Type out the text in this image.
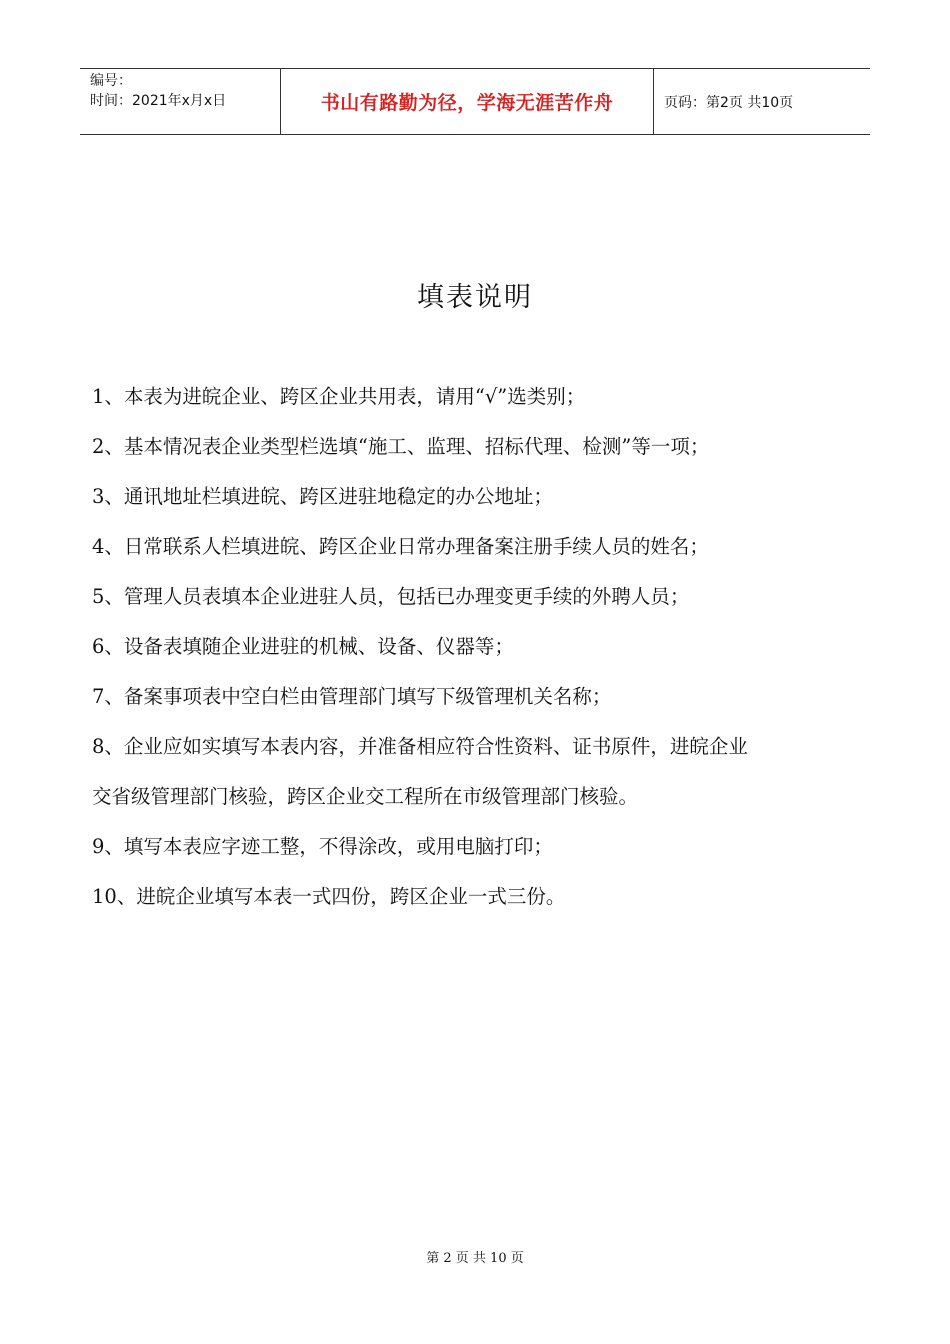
编号：
时间：2021年x月x日	书山有路勤为径，学海无涯苦作舟	页码：第2页 共10页
填表说明
1、本表为进皖企业、跨区企业共用表，请用“√”选类别；
2、基本情况表企业类型栏选填“施工、监理、招标代理、检测”等一项；
3、通讯地址栏填进皖、跨区进驻地稳定的办公地址；
4、日常联系人栏填进皖、跨区企业日常办理备案注册手续人员的姓名；
5、管理人员表填本企业进驻人员，包括已办理变更手续的外聘人员；
6、设备表填随企业进驻的机械、设备、仪器等；
7、备案事项表中空白栏由管理部门填写下级管理机关名称；
8、企业应如实填写本表内容，并准备相应符合性资料、证书原件，进皖企业
交省级管理部门核验，跨区企业交工程所在市级管理部门核验。
9、填写本表应字迹工整，不得涂改，或用电脑打印；
10、进皖企业填写本表一式四份，跨区企业一式三份。
第 2 页 共 10 页
